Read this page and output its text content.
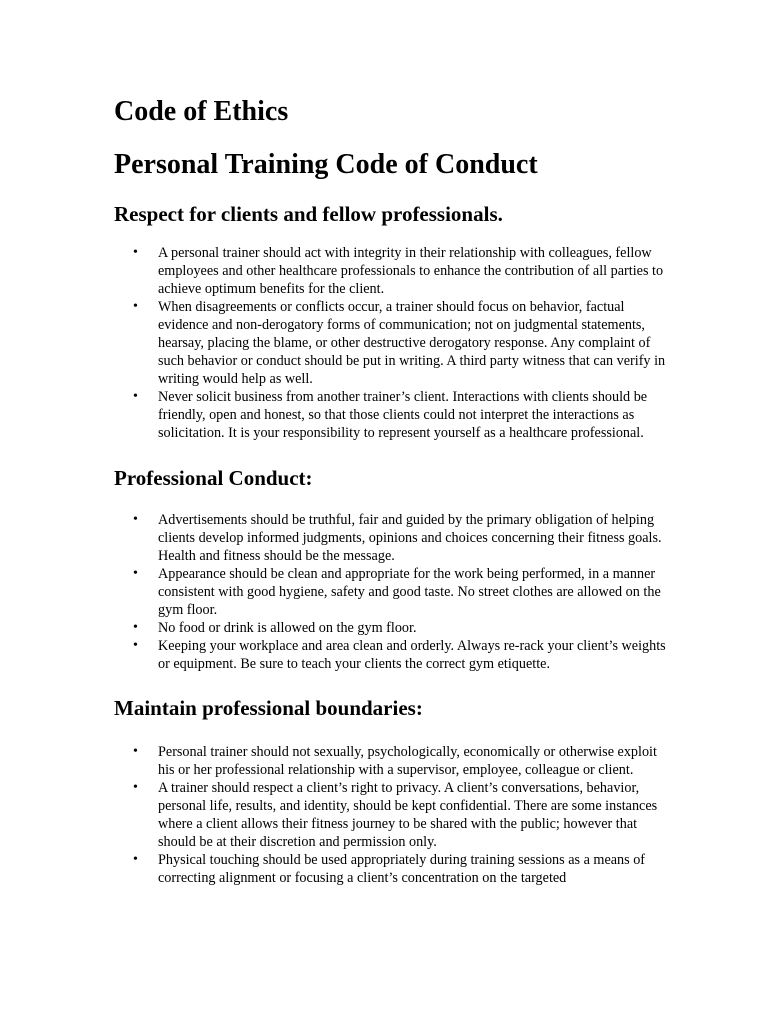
Code of Ethics
Personal Training Code of Conduct
Respect for clients and fellow professionals.
• A personal trainer should act with integrity in their relationship with colleagues, fellow employees and other healthcare professionals to enhance the contribution of all parties to achieve optimum benefits for the client.
• When disagreements or conflicts occur, a trainer should focus on behavior, factual evidence and non-derogatory forms of communication; not on judgmental statements, hearsay, placing the blame, or other destructive derogatory response. Any complaint of such behavior or conduct should be put in writing. A third party witness that can verify in writing would help as well.
• Never solicit business from another trainer’s client. Interactions with clients should be friendly, open and honest, so that those clients could not interpret the interactions as solicitation. It is your responsibility to represent yourself as a healthcare professional.
Professional Conduct:
• Advertisements should be truthful, fair and guided by the primary obligation of helping clients develop informed judgments, opinions and choices concerning their fitness goals. Health and fitness should be the message.
• Appearance should be clean and appropriate for the work being performed, in a manner consistent with good hygiene, safety and good taste. No street clothes are allowed on the gym floor.
• No food or drink is allowed on the gym floor.
• Keeping your workplace and area clean and orderly. Always re-rack your client’s weights or equipment. Be sure to teach your clients the correct gym etiquette.
Maintain professional boundaries:
• Personal trainer should not sexually, psychologically, economically or otherwise exploit his or her professional relationship with a supervisor, employee, colleague or client.
• A trainer should respect a client’s right to privacy. A client’s conversations, behavior, personal life, results, and identity, should be kept confidential. There are some instances where a client allows their fitness journey to be shared with the public; however that should be at their discretion and permission only.
• Physical touching should be used appropriately during training sessions as a means of correcting alignment or focusing a client’s concentration on the targeted
